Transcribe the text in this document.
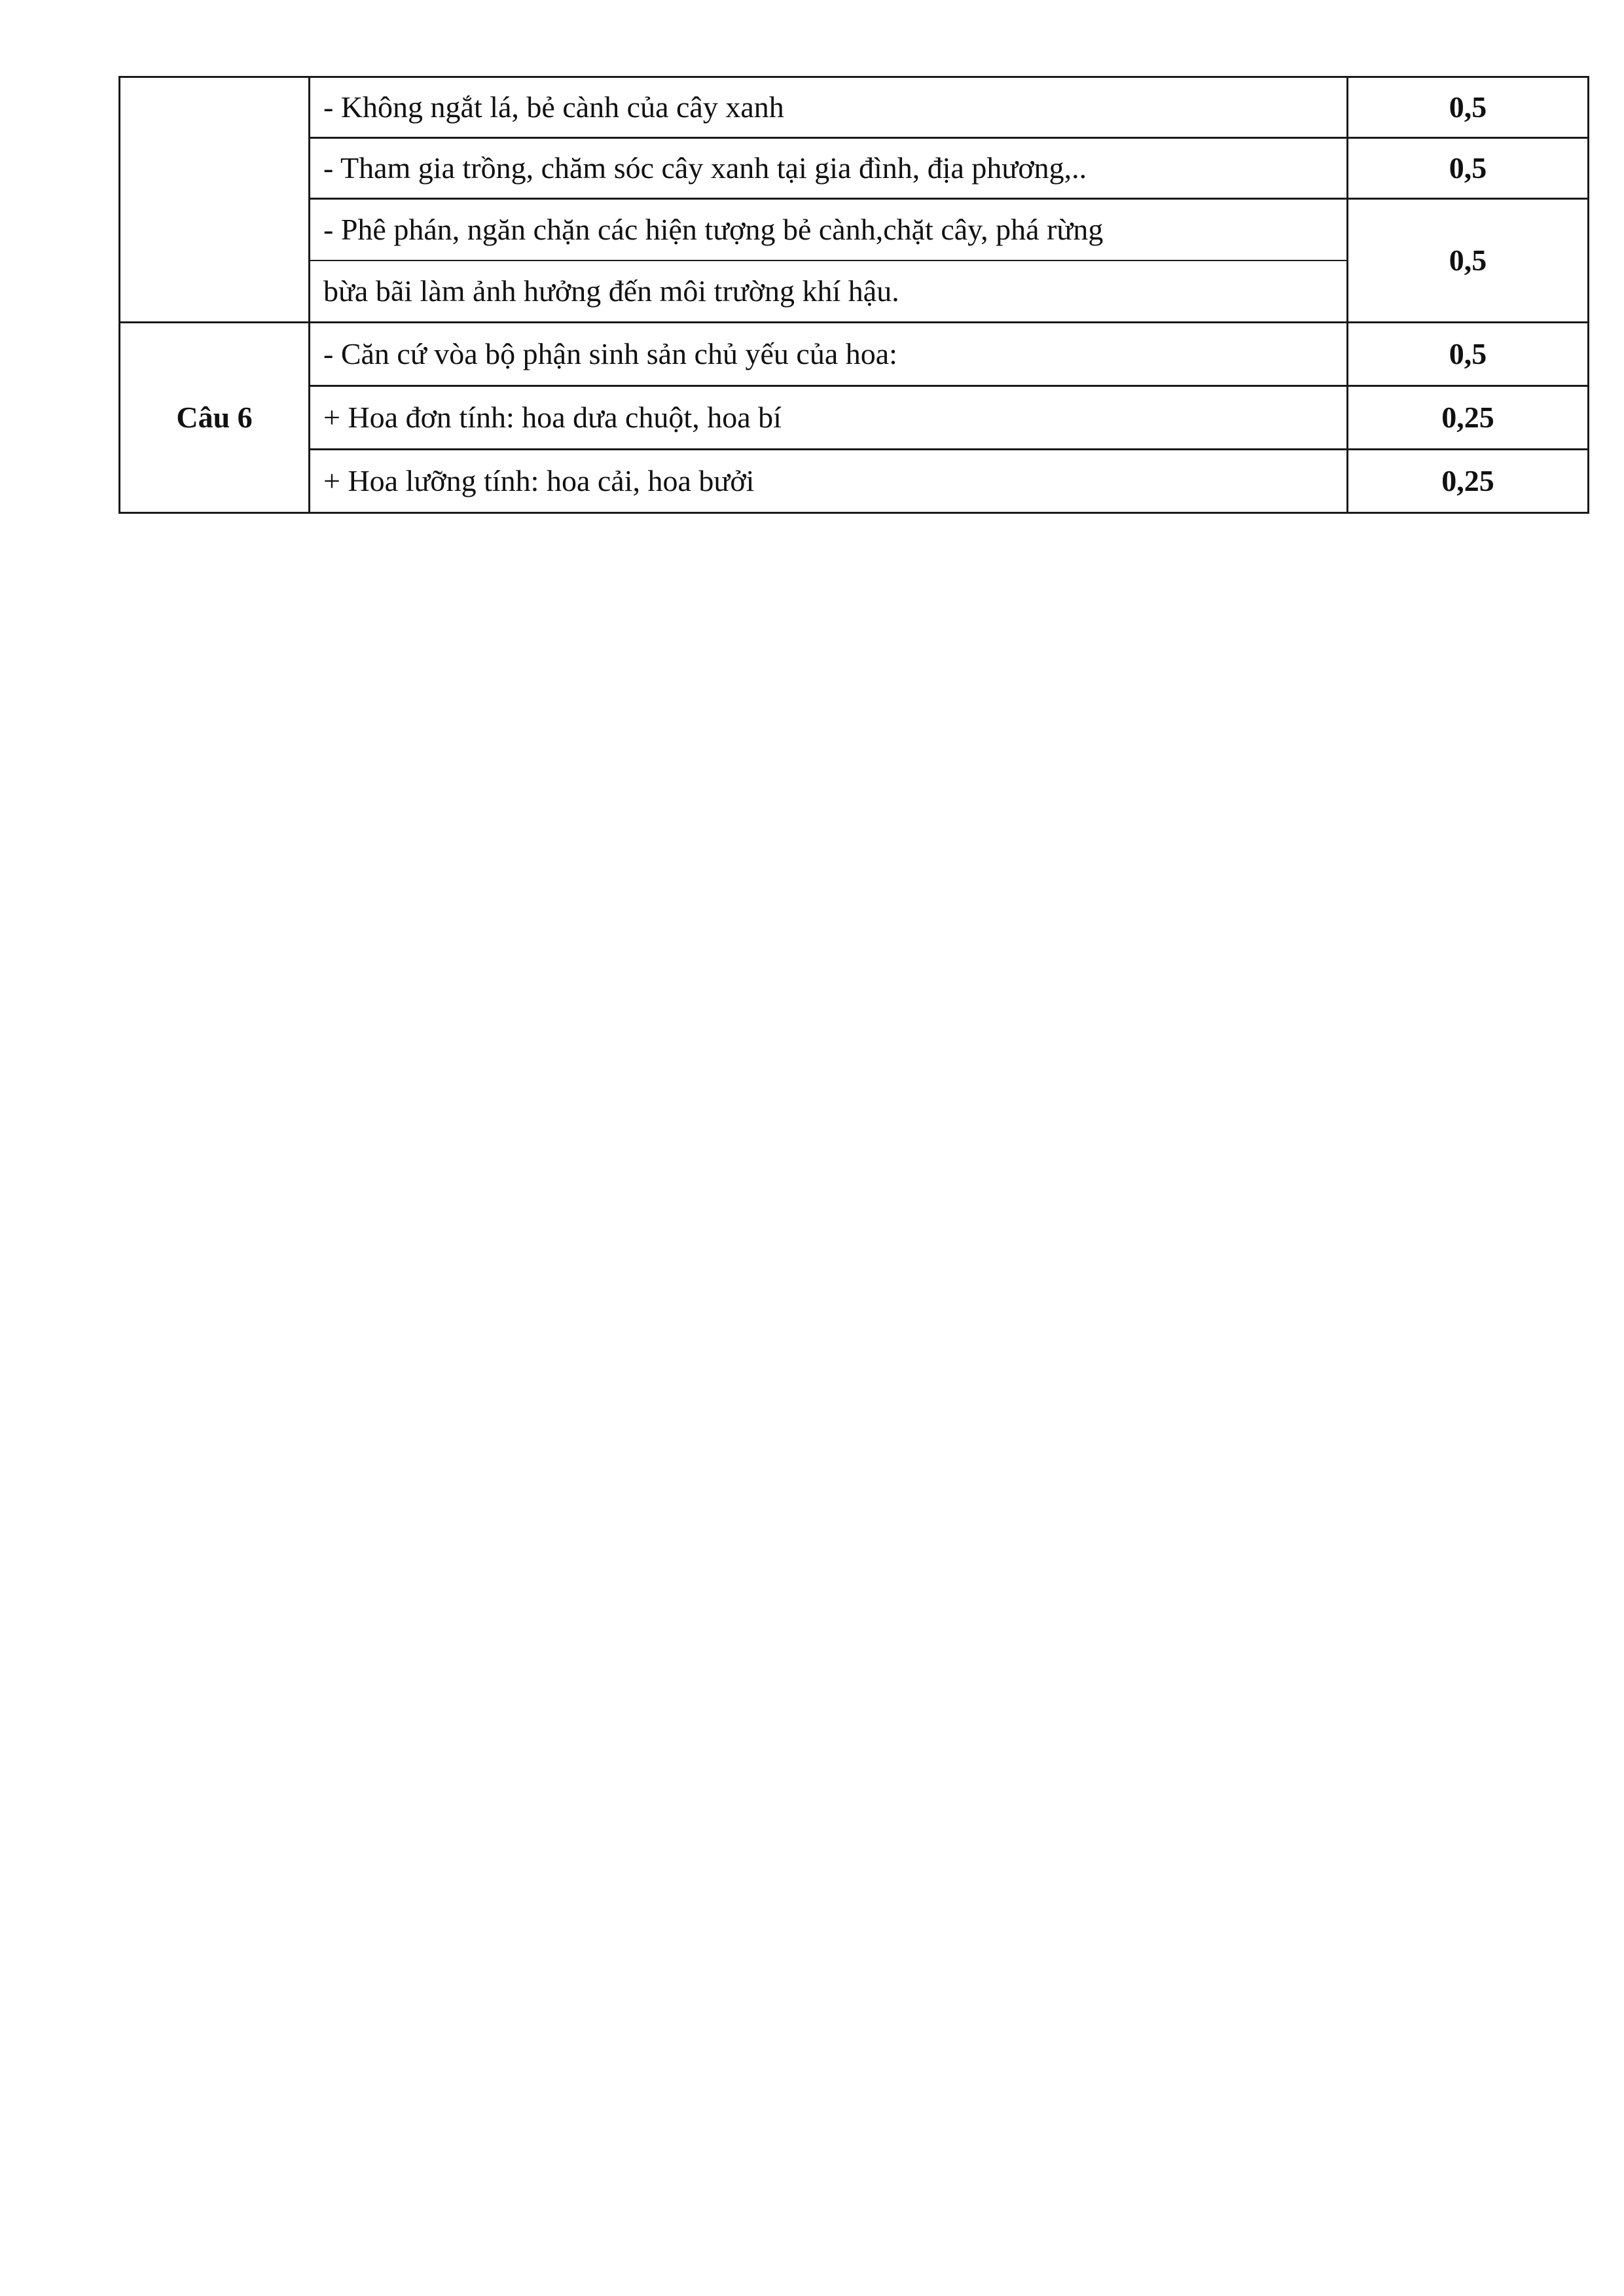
	- Không ngắt lá, bẻ cành của cây xanh	0,5
	- Tham gia trồng, chăm sóc cây xanh tại gia đình, địa phương,..	0,5
	- Phê phán, ngăn chặn các hiện tượng bẻ cành,chặt cây, phá rừng	0,5
	bừa bãi làm ảnh hưởng đến môi trường khí hậu.	
Câu 6	- Căn cứ vòa bộ phận sinh sản chủ yếu của hoa:	0,5
	+ Hoa đơn tính: hoa dưa chuột, hoa bí	0,25
	+ Hoa lưỡng tính: hoa cải, hoa bưởi	0,25
